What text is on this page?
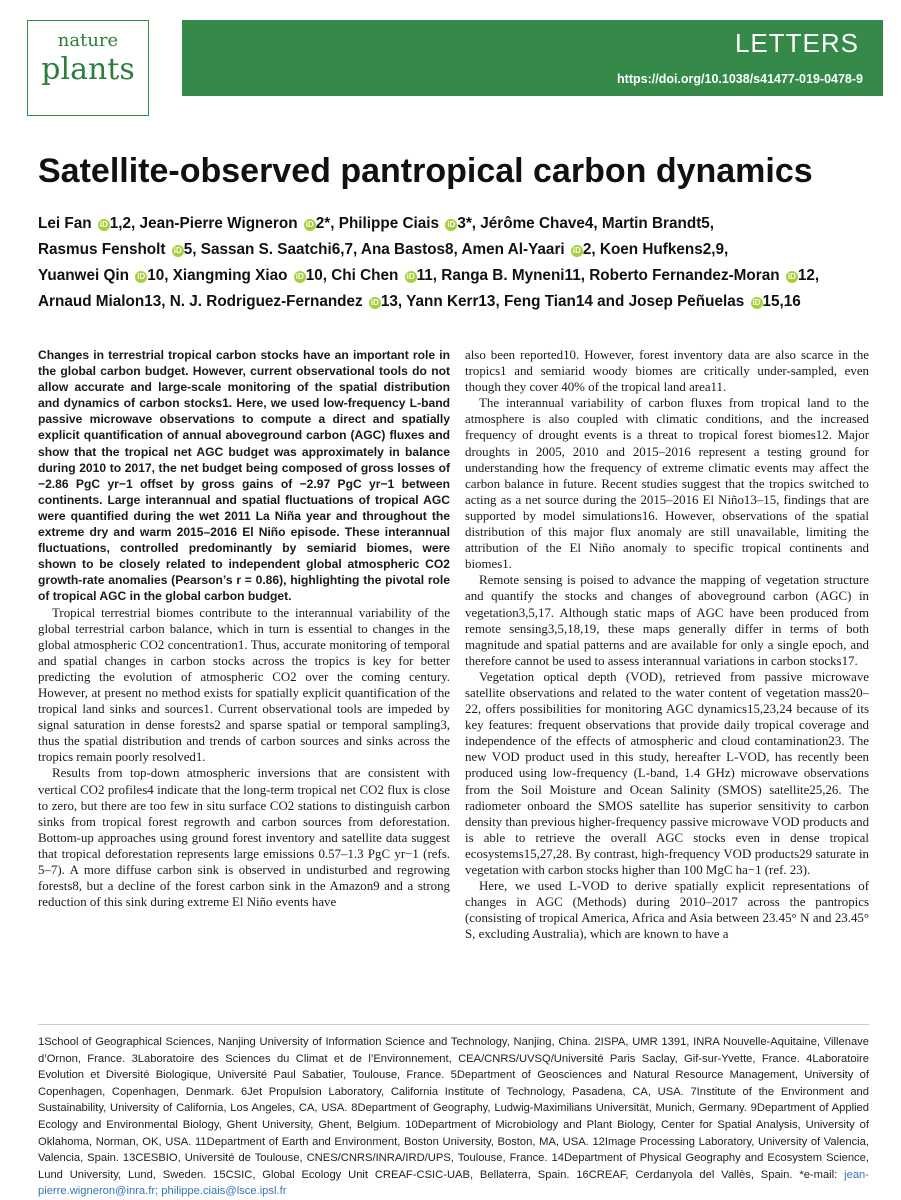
nature
plants
LETTERS
https://doi.org/10.1038/s41477-019-0478-9
Satellite-observed pantropical carbon dynamics
Lei Fan iD 1,2, Jean-Pierre Wigneron iD 2*, Philippe Ciais iD 3*, Jérôme Chave4, Martin Brandt5,
Rasmus Fensholt iD 5, Sassan S. Saatchi6,7, Ana Bastos8, Amen Al-Yaari iD 2, Koen Hufkens2,9,
Yuanwei Qin iD 10, Xiangming Xiao iD 10, Chi Chen iD 11, Ranga B. Myneni11, Roberto Fernandez-Moran iD 12,
Arnaud Mialon13, N. J. Rodriguez-Fernandez iD 13, Yann Kerr13, Feng Tian14 and Josep Peñuelas iD 15,16

Changes in terrestrial tropical carbon stocks have an important role in the global carbon budget. However, current observational tools do not allow accurate and large-scale monitoring of the spatial distribution and dynamics of carbon stocks1. Here, we used low-frequency L-band passive microwave observations to compute a direct and spatially explicit quantification of annual aboveground carbon (AGC) fluxes and show that the tropical net AGC budget was approximately in balance during 2010 to 2017, the net budget being composed of gross losses of −2.86 PgC yr−1 offset by gross gains of −2.97 PgC yr−1 between continents. Large interannual and spatial fluctuations of tropical AGC were quantified during the wet 2011 La Niña year and throughout the extreme dry and warm 2015–2016 El Niño episode. These interannual fluctuations, controlled predominantly by semiarid biomes, were shown to be closely related to independent global atmospheric CO2 growth-rate anomalies (Pearson’s r = 0.86), highlighting the pivotal role of tropical AGC in the global carbon budget.

Tropical terrestrial biomes contribute to the interannual variability of the global terrestrial carbon balance, which in turn is essential to changes in the global atmospheric CO2 concentration1. Thus, accurate monitoring of temporal and spatial changes in carbon stocks across the tropics is key for better predicting the evolution of atmospheric CO2 over the coming century. However, at present no method exists for spatially explicit quantification of the tropical land sinks and sources1. Current observational tools are impeded by signal saturation in dense forests2 and sparse spatial or temporal sampling3, thus the spatial distribution and trends of carbon sources and sinks across the tropics remain poorly resolved1.

Results from top-down atmospheric inversions that are consistent with vertical CO2 profiles4 indicate that the long-term tropical net CO2 flux is close to zero, but there are too few in situ surface CO2 stations to distinguish carbon sinks from tropical forest regrowth and carbon sources from deforestation. Bottom-up approaches using ground forest inventory and satellite data suggest that tropical deforestation represents large emissions 0.57–1.3 PgC yr−1 (refs. 5–7). A more diffuse carbon sink is observed in undisturbed and regrowing forests8, but a decline of the forest carbon sink in the Amazon9 and a strong reduction of this sink during extreme El Niño events have

also been reported10. However, forest inventory data are also scarce in the tropics1 and semiarid woody biomes are critically under-sampled, even though they cover 40% of the tropical land area11.

The interannual variability of carbon fluxes from tropical land to the atmosphere is also coupled with climatic conditions, and the increased frequency of drought events is a threat to tropical forest biomes12. Major droughts in 2005, 2010 and 2015–2016 represent a testing ground for understanding how the frequency of extreme climatic events may affect the carbon balance in future. Recent studies suggest that the tropics switched to acting as a net source during the 2015–2016 El Niño13–15, findings that are supported by model simulations16. However, observations of the spatial distribution of this major flux anomaly are still unavailable, limiting the attribution of the El Niño anomaly to specific tropical continents and biomes1.

Remote sensing is poised to advance the mapping of vegetation structure and quantify the stocks and changes of aboveground carbon (AGC) in vegetation3,5,17. Although static maps of AGC have been produced from remote sensing3,5,18,19, these maps generally differ in terms of both magnitude and spatial patterns and are available for only a single epoch, and therefore cannot be used to assess interannual variations in carbon stocks17.

Vegetation optical depth (VOD), retrieved from passive microwave satellite observations and related to the water content of vegetation mass20–22, offers possibilities for monitoring AGC dynamics15,23,24 because of its key features: frequent observations that provide daily tropical coverage and independence of the effects of atmospheric and cloud contamination23. The new VOD product used in this study, hereafter L-VOD, has recently been produced using low-frequency (L-band, 1.4 GHz) microwave observations from the Soil Moisture and Ocean Salinity (SMOS) satellite25,26. The radiometer onboard the SMOS satellite has superior sensitivity to carbon density than previous higher-frequency passive microwave VOD products and is able to retrieve the overall AGC stocks even in dense tropical ecosystems15,27,28. By contrast, high-frequency VOD products29 saturate in vegetation with carbon stocks higher than 100 MgC ha−1 (ref. 23).

Here, we used L-VOD to derive spatially explicit representations of changes in AGC (Methods) during 2010–2017 across the pantropics (consisting of tropical America, Africa and Asia between 23.45° N and 23.45° S, excluding Australia), which are known to have a

1School of Geographical Sciences, Nanjing University of Information Science and Technology, Nanjing, China. 2ISPA, UMR 1391, INRA Nouvelle-Aquitaine, Villenave d’Ornon, France. 3Laboratoire des Sciences du Climat et de l’Environnement, CEA/CNRS/UVSQ/Université Paris Saclay, Gif-sur-Yvette, France. 4Laboratoire Evolution et Diversité Biologique, Université Paul Sabatier, Toulouse, France. 5Department of Geosciences and Natural Resource Management, University of Copenhagen, Copenhagen, Denmark. 6Jet Propulsion Laboratory, California Institute of Technology, Pasadena, CA, USA. 7Institute of the Environment and Sustainability, University of California, Los Angeles, CA, USA. 8Department of Geography, Ludwig-Maximilians Universität, Munich, Germany. 9Department of Applied Ecology and Environmental Biology, Ghent University, Ghent, Belgium. 10Department of Microbiology and Plant Biology, Center for Spatial Analysis, University of Oklahoma, Norman, OK, USA. 11Department of Earth and Environment, Boston University, Boston, MA, USA. 12Image Processing Laboratory, University of Valencia, Valencia, Spain. 13CESBIO, Université de Toulouse, CNES/CNRS/INRA/IRD/UPS, Toulouse, France. 14Department of Physical Geography and Ecosystem Science, Lund University, Lund, Sweden. 15CSIC, Global Ecology Unit CREAF-CSIC-UAB, Bellaterra, Spain. 16CREAF, Cerdanyola del Vallès, Spain. *e-mail: jean-pierre.wigneron@inra.fr; philippe.ciais@lsce.ipsl.fr
